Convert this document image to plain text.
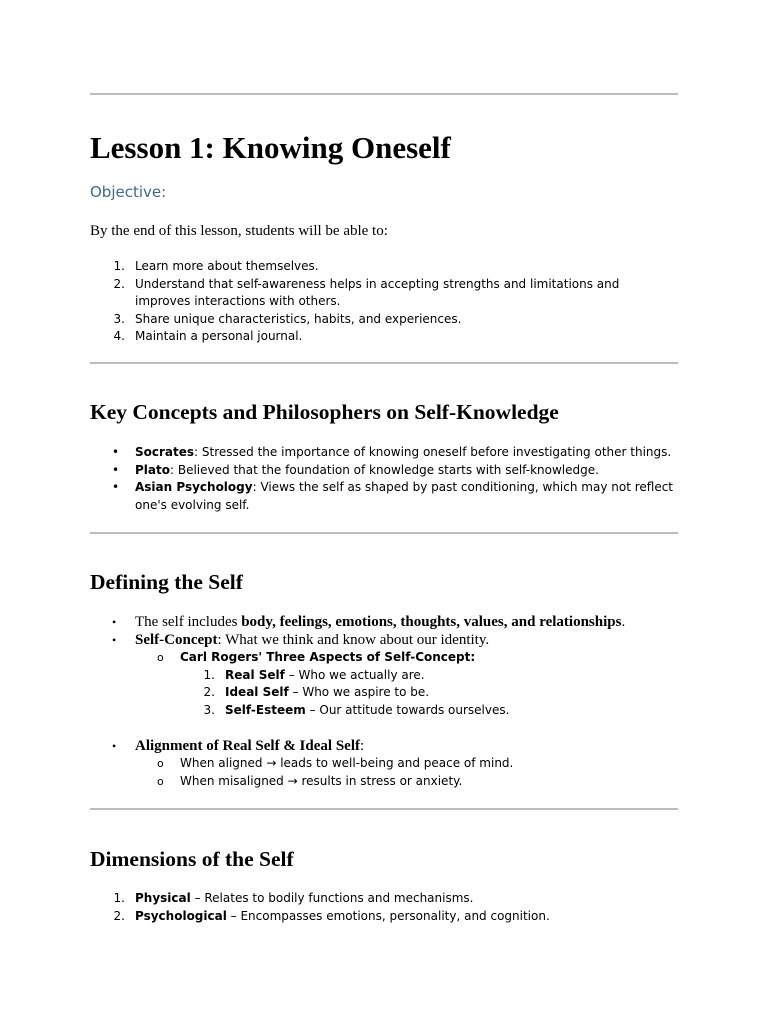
Lesson 1: Knowing Oneself
Objective:
By the end of this lesson, students will be able to:
1. Learn more about themselves.
2. Understand that self-awareness helps in accepting strengths and limitations and improves interactions with others.
3. Share unique characteristics, habits, and experiences.
4. Maintain a personal journal.
Key Concepts and Philosophers on Self-Knowledge
• Socrates: Stressed the importance of knowing oneself before investigating other things.
• Plato: Believed that the foundation of knowledge starts with self-knowledge.
• Asian Psychology: Views the self as shaped by past conditioning, which may not reflect one's evolving self.
Defining the Self
• The self includes body, feelings, emotions, thoughts, values, and relationships.
• Self-Concept: What we think and know about our identity.
o Carl Rogers' Three Aspects of Self-Concept:
1. Real Self – Who we actually are.
2. Ideal Self – Who we aspire to be.
3. Self-Esteem – Our attitude towards ourselves.
• Alignment of Real Self & Ideal Self:
o When aligned → leads to well-being and peace of mind.
o When misaligned → results in stress or anxiety.
Dimensions of the Self
1. Physical – Relates to bodily functions and mechanisms.
2. Psychological – Encompasses emotions, personality, and cognition.
